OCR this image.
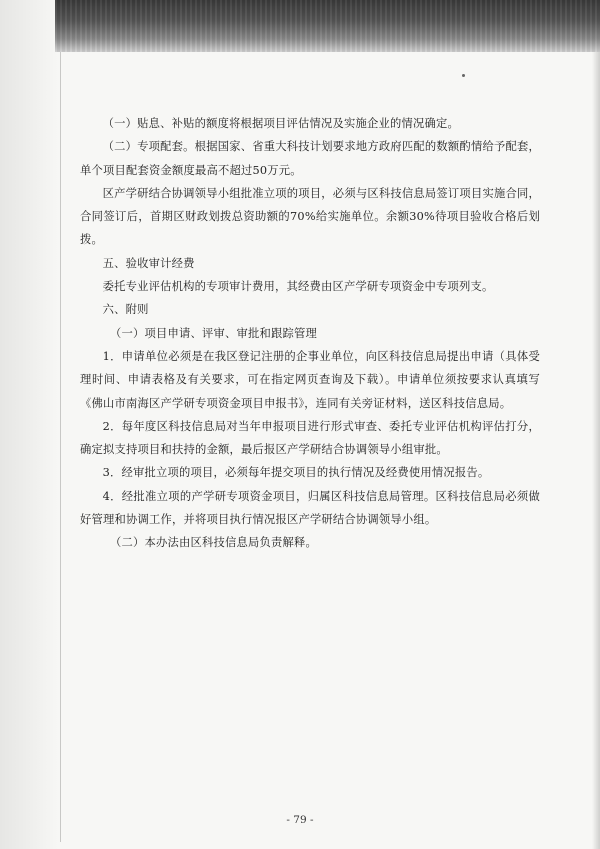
（一）贴息、补贴的额度将根据项目评估情况及实施企业的情况确定。

（二）专项配套。根据国家、省重大科技计划要求地方政府匹配的数额酌情给予配套，单个项目配套资金额度最高不超过50万元。

区产学研结合协调领导小组批准立项的项目，必须与区科技信息局签订项目实施合同，合同签订后，首期区财政划拨总资助额的70%给实施单位。余额30%待项目验收合格后划拨。

五、验收审计经费

委托专业评估机构的专项审计费用，其经费由区产学研专项资金中专项列支。

六、附则

（一）项目申请、评审、审批和跟踪管理

1．申请单位必须是在我区登记注册的企事业单位，向区科技信息局提出申请（具体受理时间、申请表格及有关要求，可在指定网页查询及下载）。申请单位须按要求认真填写《佛山市南海区产学研专项资金项目申报书》，连同有关旁证材料，送区科技信息局。

2．每年度区科技信息局对当年申报项目进行形式审查、委托专业评估机构评估打分，确定拟支持项目和扶持的金额，最后报区产学研结合协调领导小组审批。

3．经审批立项的项目，必须每年提交项目的执行情况及经费使用情况报告。

4．经批准立项的产学研专项资金项目，归属区科技信息局管理。区科技信息局必须做好管理和协调工作，并将项目执行情况报区产学研结合协调领导小组。

（二）本办法由区科技信息局负责解释。

- 79 -
